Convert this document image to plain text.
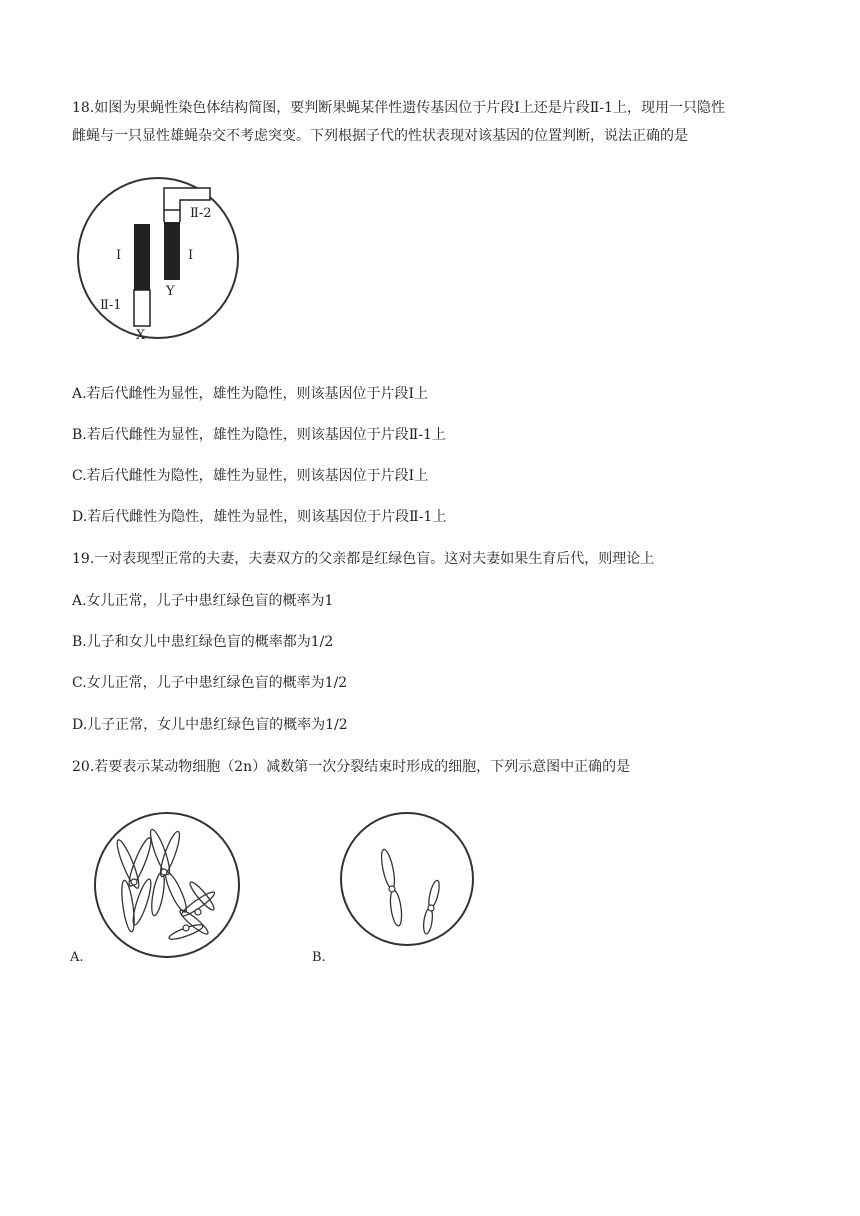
18.如图为果蝇性染色体结构简图，要判断果蝇某伴性遗传基因位于片段Ⅰ上还是片段Ⅱ-1上，现用一只隐性
雌蝇与一只显性雄蝇杂交不考虑突变。下列根据子代的性状表现对该基因的位置判断，说法正确的是
I	I
Ⅱ-2
Ⅱ-1
Y
X
A.若后代雌性为显性，雄性为隐性，则该基因位于片段Ⅰ上
B.若后代雌性为显性，雄性为隐性，则该基因位于片段Ⅱ-1上
C.若后代雌性为隐性，雄性为显性，则该基因位于片段Ⅰ上
D.若后代雌性为隐性，雄性为显性，则该基因位于片段Ⅱ-1上
19.一对表现型正常的夫妻，夫妻双方的父亲都是红绿色盲。这对夫妻如果生育后代，则理论上
A.女儿正常，儿子中患红绿色盲的概率为1
B.儿子和女儿中患红绿色盲的概率都为1/2
C.女儿正常，儿子中患红绿色盲的概率为1/2
D.儿子正常，女儿中患红绿色盲的概率为1/2
20.若要表示某动物细胞（2n）减数第一次分裂结束时形成的细胞，下列示意图中正确的是
A.	B.
